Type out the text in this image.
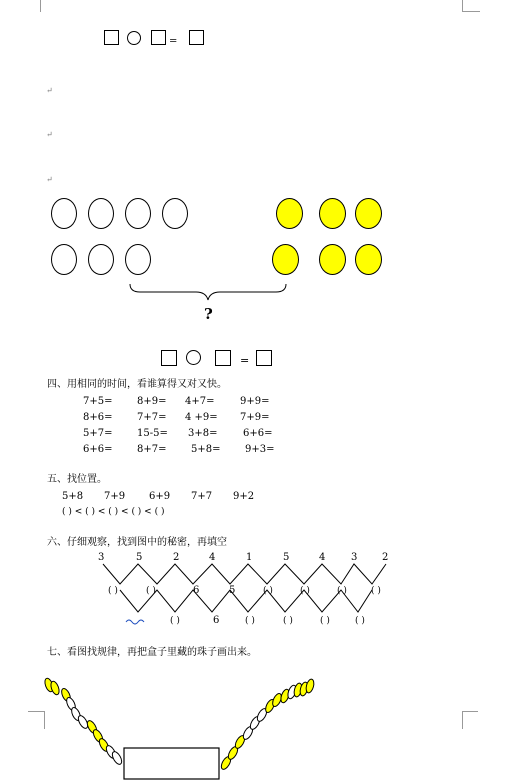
=
↵
↵
↵
?
=
四、用相同的时间，看谁算得又对又快。
7+5= 8+9= 4+7=	9+9=
8+6= 7+7= 4 +9= 7+9=
5+7= 15-5= 3+8=	6+6=
6+6= 8+7= 5+8= 9+3=
五、找位置。
5+8 7+9 6+9 7+7 9+2
( ) < ( ) < ( ) < ( ) < ( )
六、仔细观察，找到图中的秘密，再填空
3	5	2	4	1	5	4	3 2
( )	( )	6	5	( )	( )	( )	( )
( )	6	( )	( )	( )	( )
七、看图找规律，再把盒子里藏的珠子画出来。
